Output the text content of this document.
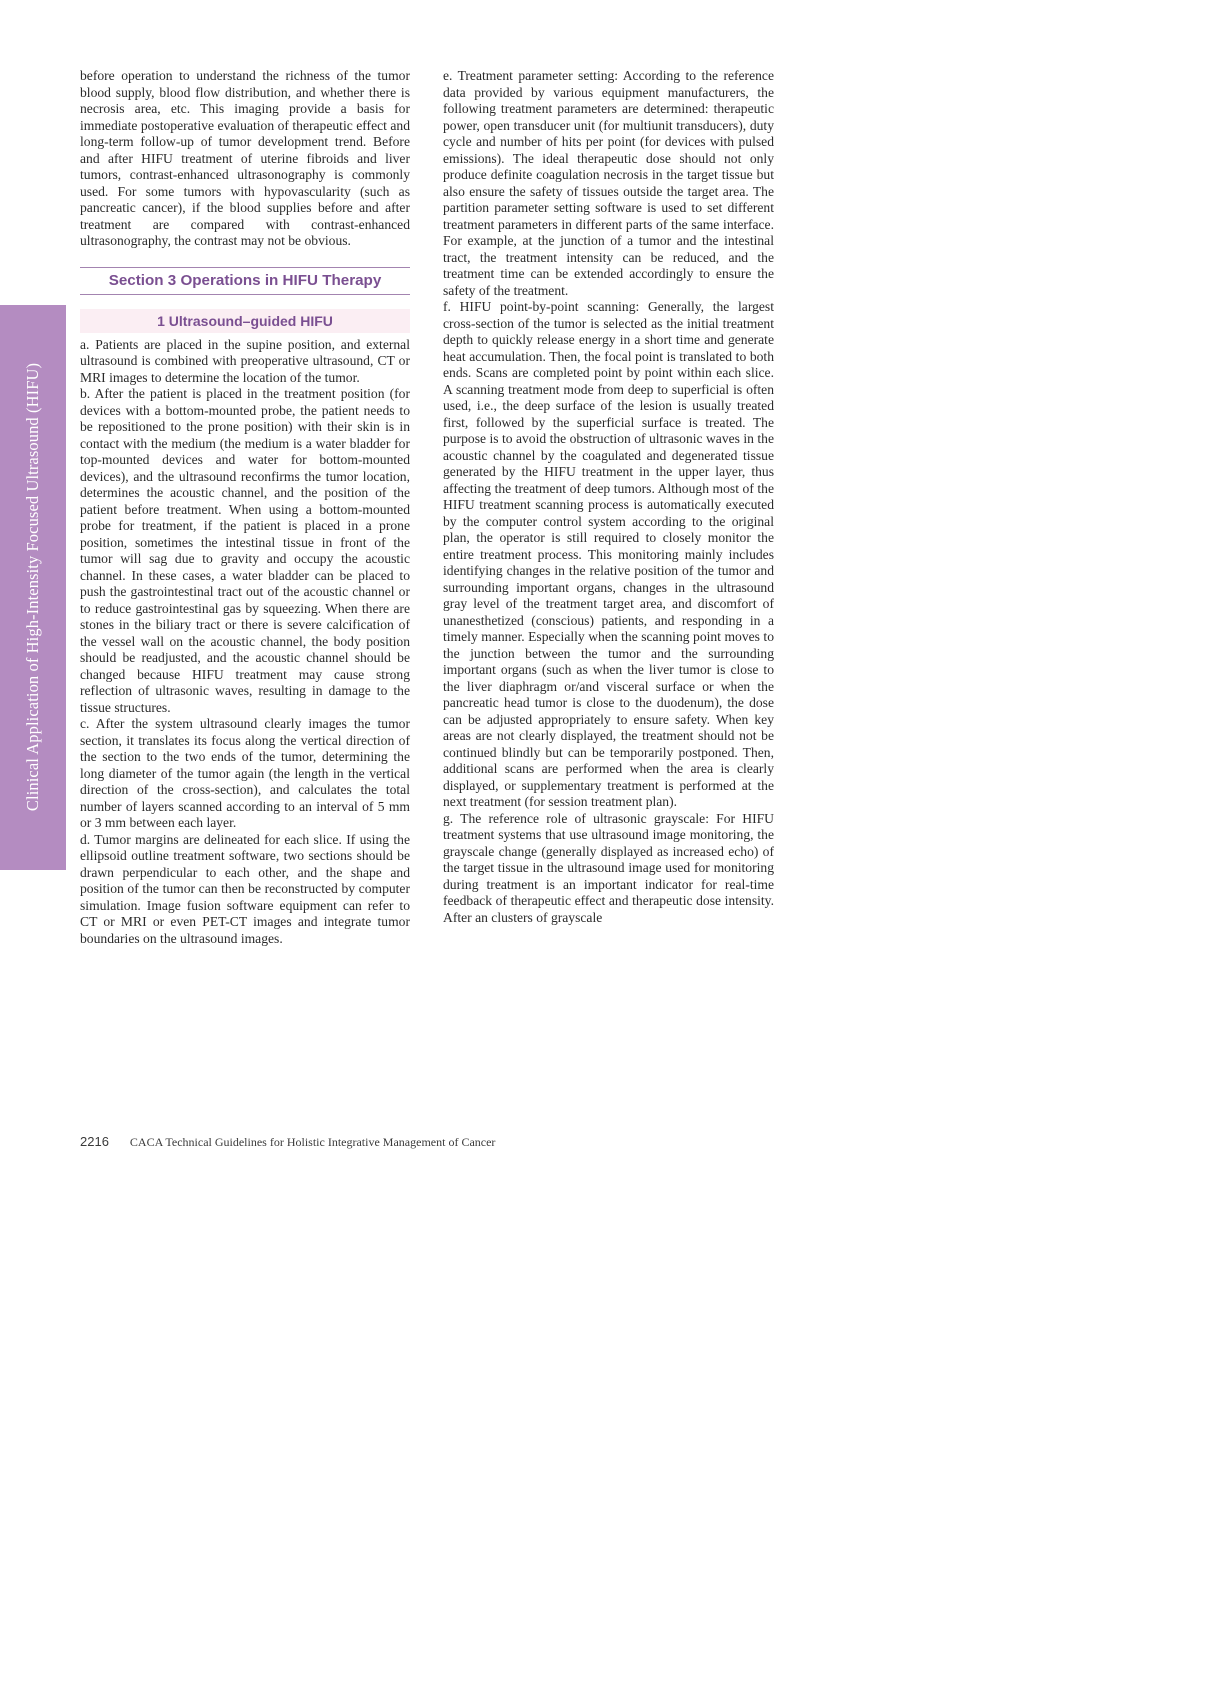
Clinical Application of High-Intensity Focused Ultrasound (HIFU)

before operation to understand the richness of the tumor blood supply, blood flow distribution, and whether there is necrosis area, etc. This imaging provide a basis for immediate postoperative evaluation of therapeutic effect and long-term follow-up of tumor development trend. Before and after HIFU treatment of uterine fibroids and liver tumors, contrast-enhanced ultrasonography is commonly used. For some tumors with hypovascularity (such as pancreatic cancer), if the blood supplies before and after treatment are compared with contrast-enhanced ultrasonography, the contrast may not be obvious.

Section 3 Operations in HIFU Therapy
1 Ultrasound–guided HIFU

a. Patients are placed in the supine position, and external ultrasound is combined with preoperative ultrasound, CT or MRI images to determine the location of the tumor.

b. After the patient is placed in the treatment position (for devices with a bottom-mounted probe, the patient needs to be repositioned to the prone position) with their skin is in contact with the medium (the medium is a water bladder for top-mounted devices and water for bottom-mounted devices), and the ultrasound reconfirms the tumor location, determines the acoustic channel, and the position of the patient before treatment. When using a bottom-mounted probe for treatment, if the patient is placed in a prone position, sometimes the intestinal tissue in front of the tumor will sag due to gravity and occupy the acoustic channel. In these cases, a water bladder can be placed to push the gastrointestinal tract out of the acoustic channel or to reduce gastrointestinal gas by squeezing. When there are stones in the biliary tract or there is severe calcification of the vessel wall on the acoustic channel, the body position should be readjusted, and the acoustic channel should be changed because HIFU treatment may cause strong reflection of ultrasonic waves, resulting in damage to the tissue structures.

c. After the system ultrasound clearly images the tumor section, it translates its focus along the vertical direction of the section to the two ends of the tumor, determining the long diameter of the tumor again (the length in the vertical direction of the cross-section), and calculates the total number of layers scanned according to an interval of 5 mm or 3 mm between each layer.

d. Tumor margins are delineated for each slice. If using the ellipsoid outline treatment software, two sections should be drawn perpendicular to each other, and the shape and position of the tumor can then be reconstructed by computer simulation. Image fusion software equipment can refer to CT or MRI or even PET-CT images and integrate tumor boundaries on the ultrasound images.

e. Treatment parameter setting: According to the reference data provided by various equipment manufacturers, the following treatment parameters are determined: therapeutic power, open transducer unit (for multiunit transducers), duty cycle and number of hits per point (for devices with pulsed emissions). The ideal therapeutic dose should not only produce definite coagulation necrosis in the target tissue but also ensure the safety of tissues outside the target area. The partition parameter setting software is used to set different treatment parameters in different parts of the same interface. For example, at the junction of a tumor and the intestinal tract, the treatment intensity can be reduced, and the treatment time can be extended accordingly to ensure the safety of the treatment.

f. HIFU point-by-point scanning: Generally, the largest cross-section of the tumor is selected as the initial treatment depth to quickly release energy in a short time and generate heat accumulation. Then, the focal point is translated to both ends. Scans are completed point by point within each slice. A scanning treatment mode from deep to superficial is often used, i.e., the deep surface of the lesion is usually treated first, followed by the superficial surface is treated. The purpose is to avoid the obstruction of ultrasonic waves in the acoustic channel by the coagulated and degenerated tissue generated by the HIFU treatment in the upper layer, thus affecting the treatment of deep tumors. Although most of the HIFU treatment scanning process is automatically executed by the computer control system according to the original plan, the operator is still required to closely monitor the entire treatment process. This monitoring mainly includes identifying changes in the relative position of the tumor and surrounding important organs, changes in the ultrasound gray level of the treatment target area, and discomfort of unanesthetized (conscious) patients, and responding in a timely manner. Especially when the scanning point moves to the junction between the tumor and the surrounding important organs (such as when the liver tumor is close to the liver diaphragm or/and visceral surface or when the pancreatic head tumor is close to the duodenum), the dose can be adjusted appropriately to ensure safety. When key areas are not clearly displayed, the treatment should not be continued blindly but can be temporarily postponed. Then, additional scans are performed when the area is clearly displayed, or supplementary treatment is performed at the next treatment (for session treatment plan).

g. The reference role of ultrasonic grayscale: For HIFU treatment systems that use ultrasound image monitoring, the grayscale change (generally displayed as increased echo) of the target tissue in the ultrasound image used for monitoring during treatment is an important indicator for real-time feedback of therapeutic effect and therapeutic dose intensity. After an clusters of grayscale

2216 CACA Technical Guidelines for Holistic Integrative Management of Cancer
